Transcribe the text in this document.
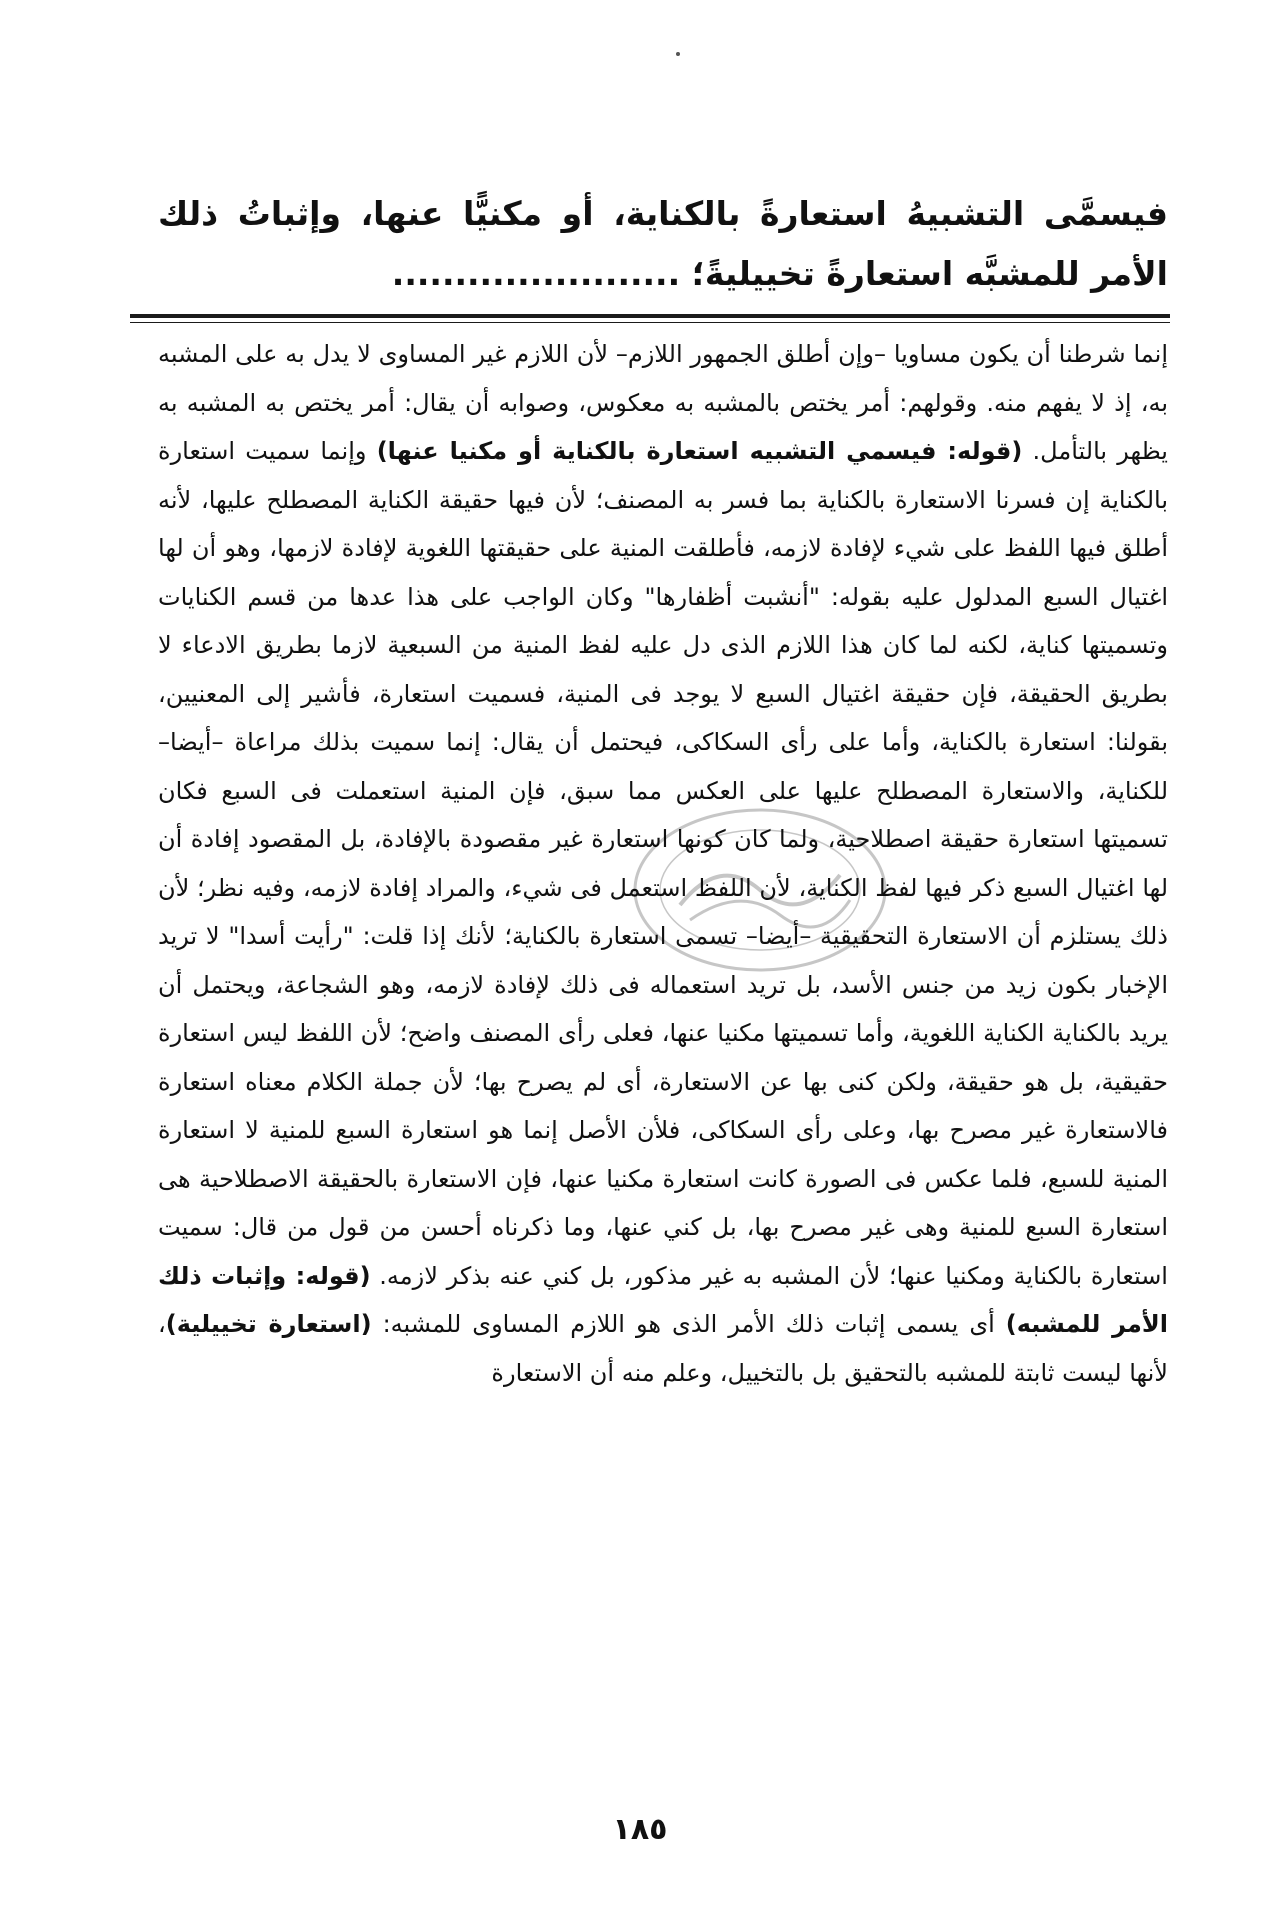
فيسمَّى التشبيهُ استعارةً بالكناية، أو مكنيًّا عنها، وإثباتُ ذلك الأمر للمشبَّه استعارةً تخييليةً؛ .......................
إنما شرطنا أن يكون مساويا –وإن أطلق الجمهور اللازم– لأن اللازم غير المساوى لا يدل به على المشبه به، إذ لا يفهم منه. وقولهم: أمر يختص بالمشبه به معكوس، وصوابه أن يقال: أمر يختص به المشبه به يظهر بالتأمل. (قوله: فيسمي التشبيه استعارة بالكناية أو مكنيا عنها) وإنما سميت استعارة بالكناية إن فسرنا الاستعارة بالكناية بما فسر به المصنف؛ لأن فيها حقيقة الكناية المصطلح عليها، لأنه أطلق فيها اللفظ على شيء لإفادة لازمه، فأطلقت المنية على حقيقتها اللغوية لإفادة لازمها، وهو أن لها اغتيال السبع المدلول عليه بقوله: "أنشبت أظفارها" وكان الواجب على هذا عدها من قسم الكنايات وتسميتها كناية، لكنه لما كان هذا اللازم الذى دل عليه لفظ المنية من السبعية لازما بطريق الادعاء لا بطريق الحقيقة، فإن حقيقة اغتيال السبع لا يوجد فى المنية، فسميت استعارة، فأشير إلى المعنيين، بقولنا: استعارة بالكناية، وأما على رأى السكاكى، فيحتمل أن يقال: إنما سميت بذلك مراعاة –أيضا– للكناية، والاستعارة المصطلح عليها على العكس مما سبق، فإن المنية استعملت فى السبع فكان تسميتها استعارة حقيقة اصطلاحية، ولما كان كونها استعارة غير مقصودة بالإفادة، بل المقصود إفادة أن لها اغتيال السبع ذكر فيها لفظ الكناية، لأن اللفظ استعمل فى شيء، والمراد إفادة لازمه، وفيه نظر؛ لأن ذلك يستلزم أن الاستعارة التحقيقية –أيضا– تسمى استعارة بالكناية؛ لأنك إذا قلت: "رأيت أسدا" لا تريد الإخبار بكون زيد من جنس الأسد، بل تريد استعماله فى ذلك لإفادة لازمه، وهو الشجاعة، ويحتمل أن يريد بالكناية الكناية اللغوية، وأما تسميتها مكنيا عنها، فعلى رأى المصنف واضح؛ لأن اللفظ ليس استعارة حقيقية، بل هو حقيقة، ولكن كنى بها عن الاستعارة، أى لم يصرح بها؛ لأن جملة الكلام معناه استعارة فالاستعارة غير مصرح بها، وعلى رأى السكاكى، فلأن الأصل إنما هو استعارة السبع للمنية لا استعارة المنية للسبع، فلما عكس فى الصورة كانت استعارة مكنيا عنها، فإن الاستعارة بالحقيقة الاصطلاحية هى استعارة السبع للمنية وهى غير مصرح بها، بل كني عنها، وما ذكرناه أحسن من قول من قال: سميت استعارة بالكناية ومكنيا عنها؛ لأن المشبه به غير مذكور، بل كني عنه بذكر لازمه. (قوله: وإثبات ذلك الأمر للمشبه) أى يسمى إثبات ذلك الأمر الذى هو اللازم المساوى للمشبه: (استعارة تخييلية)، لأنها ليست ثابتة للمشبه بالتحقيق بل بالتخييل، وعلم منه أن الاستعارة
١٨٥
